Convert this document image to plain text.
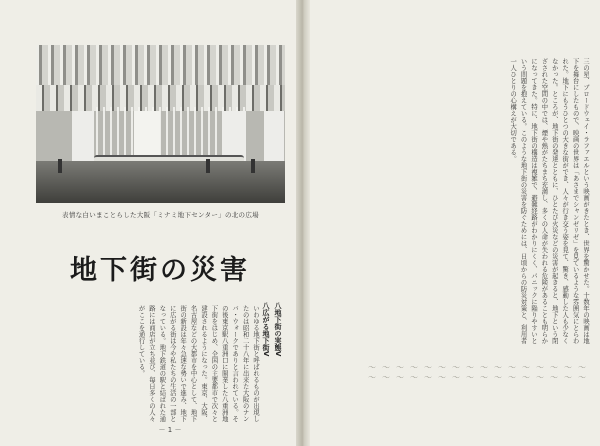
表情な白いまことらした大阪「ミナミ地下センター」の北の広場
地下街の災害
八地下街の実態V
八広がる地下街V
いわゆる地下街と呼ばれるものが出現したのは昭和二十八年に出来た大阪のナンバ・ウォークでありと言われている。その後東京駅八重洲口に開業した八重洲地下街をはじめ、全国の主要都市で次々と建設されるようになった。東京、大阪、名古屋などの大都市を中心として、地下街の新設は年々急速な勢いで進み、地下に広がる街は今や私たちの生活の一部となっている。地下鉄道の駅と結ばれた通路には商店が立ち並び、毎日多くの人々がここを通行している。
－ 1 －
三の星、ブロードウェイ・ラファエルという映画がきたとき、世界を驚かせた。十数年の映画は地下を舞台にしたもので、映画の世界は「あさまでシャンゼリゼ」を見ているような雰囲気にとらわれた。地下にもうひとつの大きな街ができ、人々が行き交う姿を見て、驚き、感動した人も少なくなかった。ところが、地下街の発達とともに、ひとたび火災などの災害が起きると、地下という閉ざされた空間の中では、煙や熱がたちまち充満し、多くの人命が失われる危険があることも明らかになってきた。特に、地下街の構造は複雑で、避難経路がわかりにくく、パニックに陥りやすいという問題を抱えている。このような地下街の災害を防ぐためには、日頃からの防災対策と、利用者一人ひとりの心構えが大切である。
〜〜〜〜〜〜〜〜〜〜〜〜〜〜〜〜
〜〜〜〜〜〜〜〜〜〜〜〜〜〜〜〜
